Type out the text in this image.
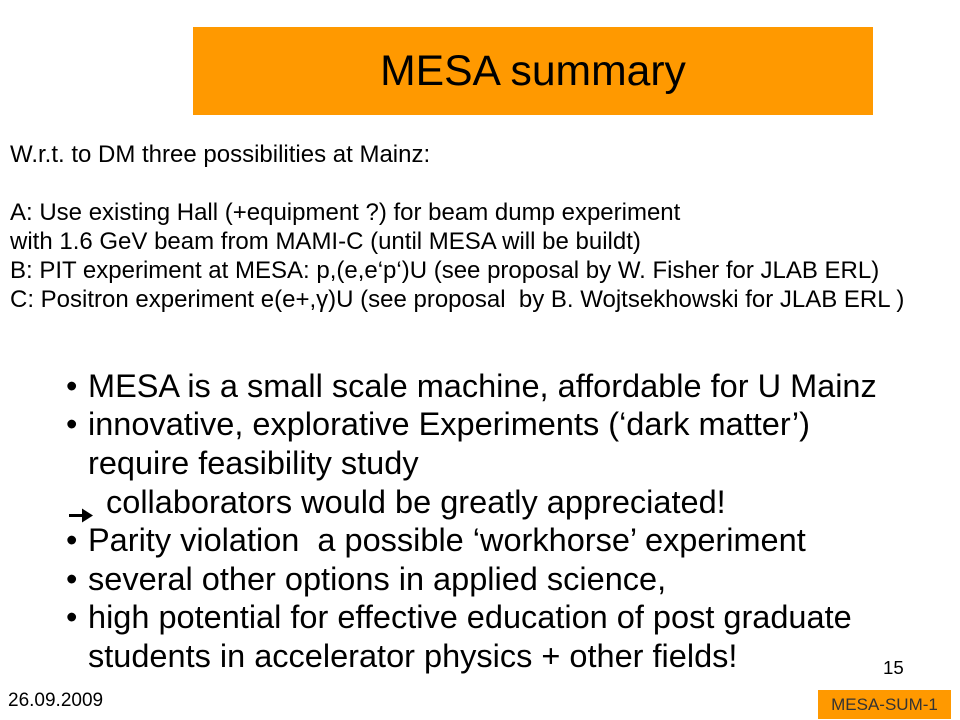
MESA summary
W.r.t. to DM three possibilities at Mainz:
A: Use existing Hall (+equipment ?) for beam dump experiment
with 1.6 GeV beam from MAMI-C (until MESA will be buildt)
B: PIT experiment at MESA: p,(e,e‘p‘)U (see proposal by W. Fisher for JLAB ERL)
C: Positron experiment e(e+,γ)U (see proposal  by B. Wojtsekhowski for JLAB ERL )
• MESA is a small scale machine, affordable for U Mainz
• innovative, explorative Experiments (‘dark matter’)
require feasibility study
collaborators would be greatly appreciated!
• Parity violation  a possible ‘workhorse’ experiment
• several other options in applied science,
• high potential for effective education of post graduate
students in accelerator physics + other fields!	15
26.09.2009	MESA-SUM-1
